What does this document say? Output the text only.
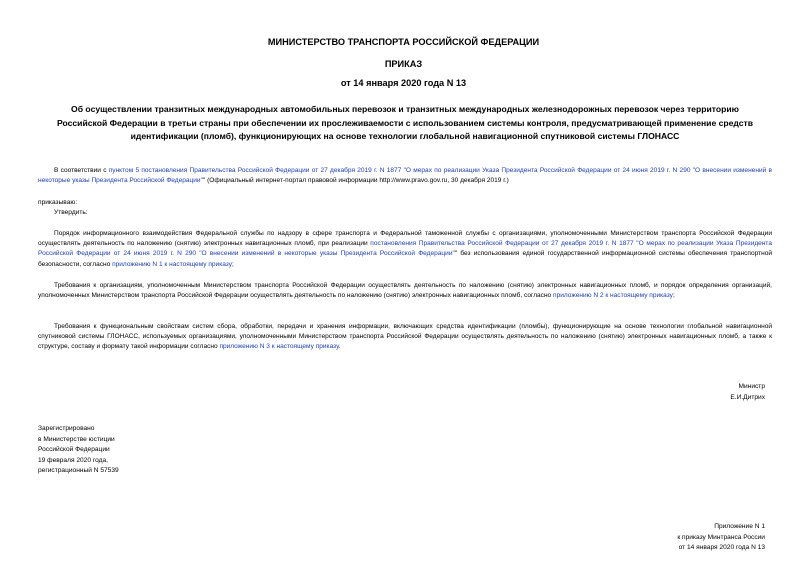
МИНИСТЕРСТВО ТРАНСПОРТА РОССИЙСКОЙ ФЕДЕРАЦИИ
ПРИКАЗ
от 14 января 2020 года N 13
Об осуществлении транзитных международных автомобильных перевозок и транзитных международных железнодорожных перевозок через территорию
Российской Федерации в третьи страны при обеспечении их прослеживаемости с использованием системы контроля, предусматривающей применение средств
идентификации (пломб), функционирующих на основе технологии глобальной навигационной спутниковой системы ГЛОНАСС
В соответствии с пунктом 5 постановления Правительства Российской Федерации от 27 декабря 2019 г. N 1877 "О мерах по реализации Указа Президента Российской Федерации от 24 июня 2019 г. N 290 "О внесении изменений в некоторые указы Президента Российской Федерации"" (Официальный интернет-портал правовой информации http://www.pravo.gov.ru, 30 декабря 2019 г.)
приказываю:
Утвердить:
Порядок информационного взаимодействия Федеральной службы по надзору в сфере транспорта и Федеральной таможенной службы с организациями, уполномоченными Министерством транспорта Российской Федерации осуществлять деятельность по наложению (снятию) электронных навигационных пломб, при реализации постановления Правительства Российской Федерации от 27 декабря 2019 г. N 1877 "О мерах по реализации Указа Президента Российской Федерации от 24 июня 2019 г. N 290 "О внесении изменений в некоторые указы Президента Российской Федерации"" без использования единой государственной информационной системы обеспечения транспортной безопасности, согласно приложению N 1 к настоящему приказу;
Требования к организациям, уполномоченным Министерством транспорта Российской Федерации осуществлять деятельность по наложению (снятию) электронных навигационных пломб, и порядок определения организаций, уполномоченных Министерством транспорта Российской Федерации осуществлять деятельность по наложению (снятию) электронных навигационных пломб, согласно приложению N 2 к настоящему приказу;
Требования к функциональным свойствам систем сбора, обработки, передачи и хранения информации, включающих средства идентификации (пломбы), функционирующие на основе технологии глобальной навигационной спутниковой системы ГЛОНАСС, используемых организациями, уполномоченными Министерством транспорта Российской Федерации осуществлять деятельность по наложению (снятию) электронных навигационных пломб, а также к структуре, составу и формату такой информации согласно приложению N 3 к настоящему приказу.
Министр
Е.И.Дитрих
Зарегистрировано
в Министерстве юстиции
Российской Федерации
19 февраля 2020 года,
регистрационный N 57539
Приложение N 1
к приказу Минтранса России
от 14 января 2020 года N 13
